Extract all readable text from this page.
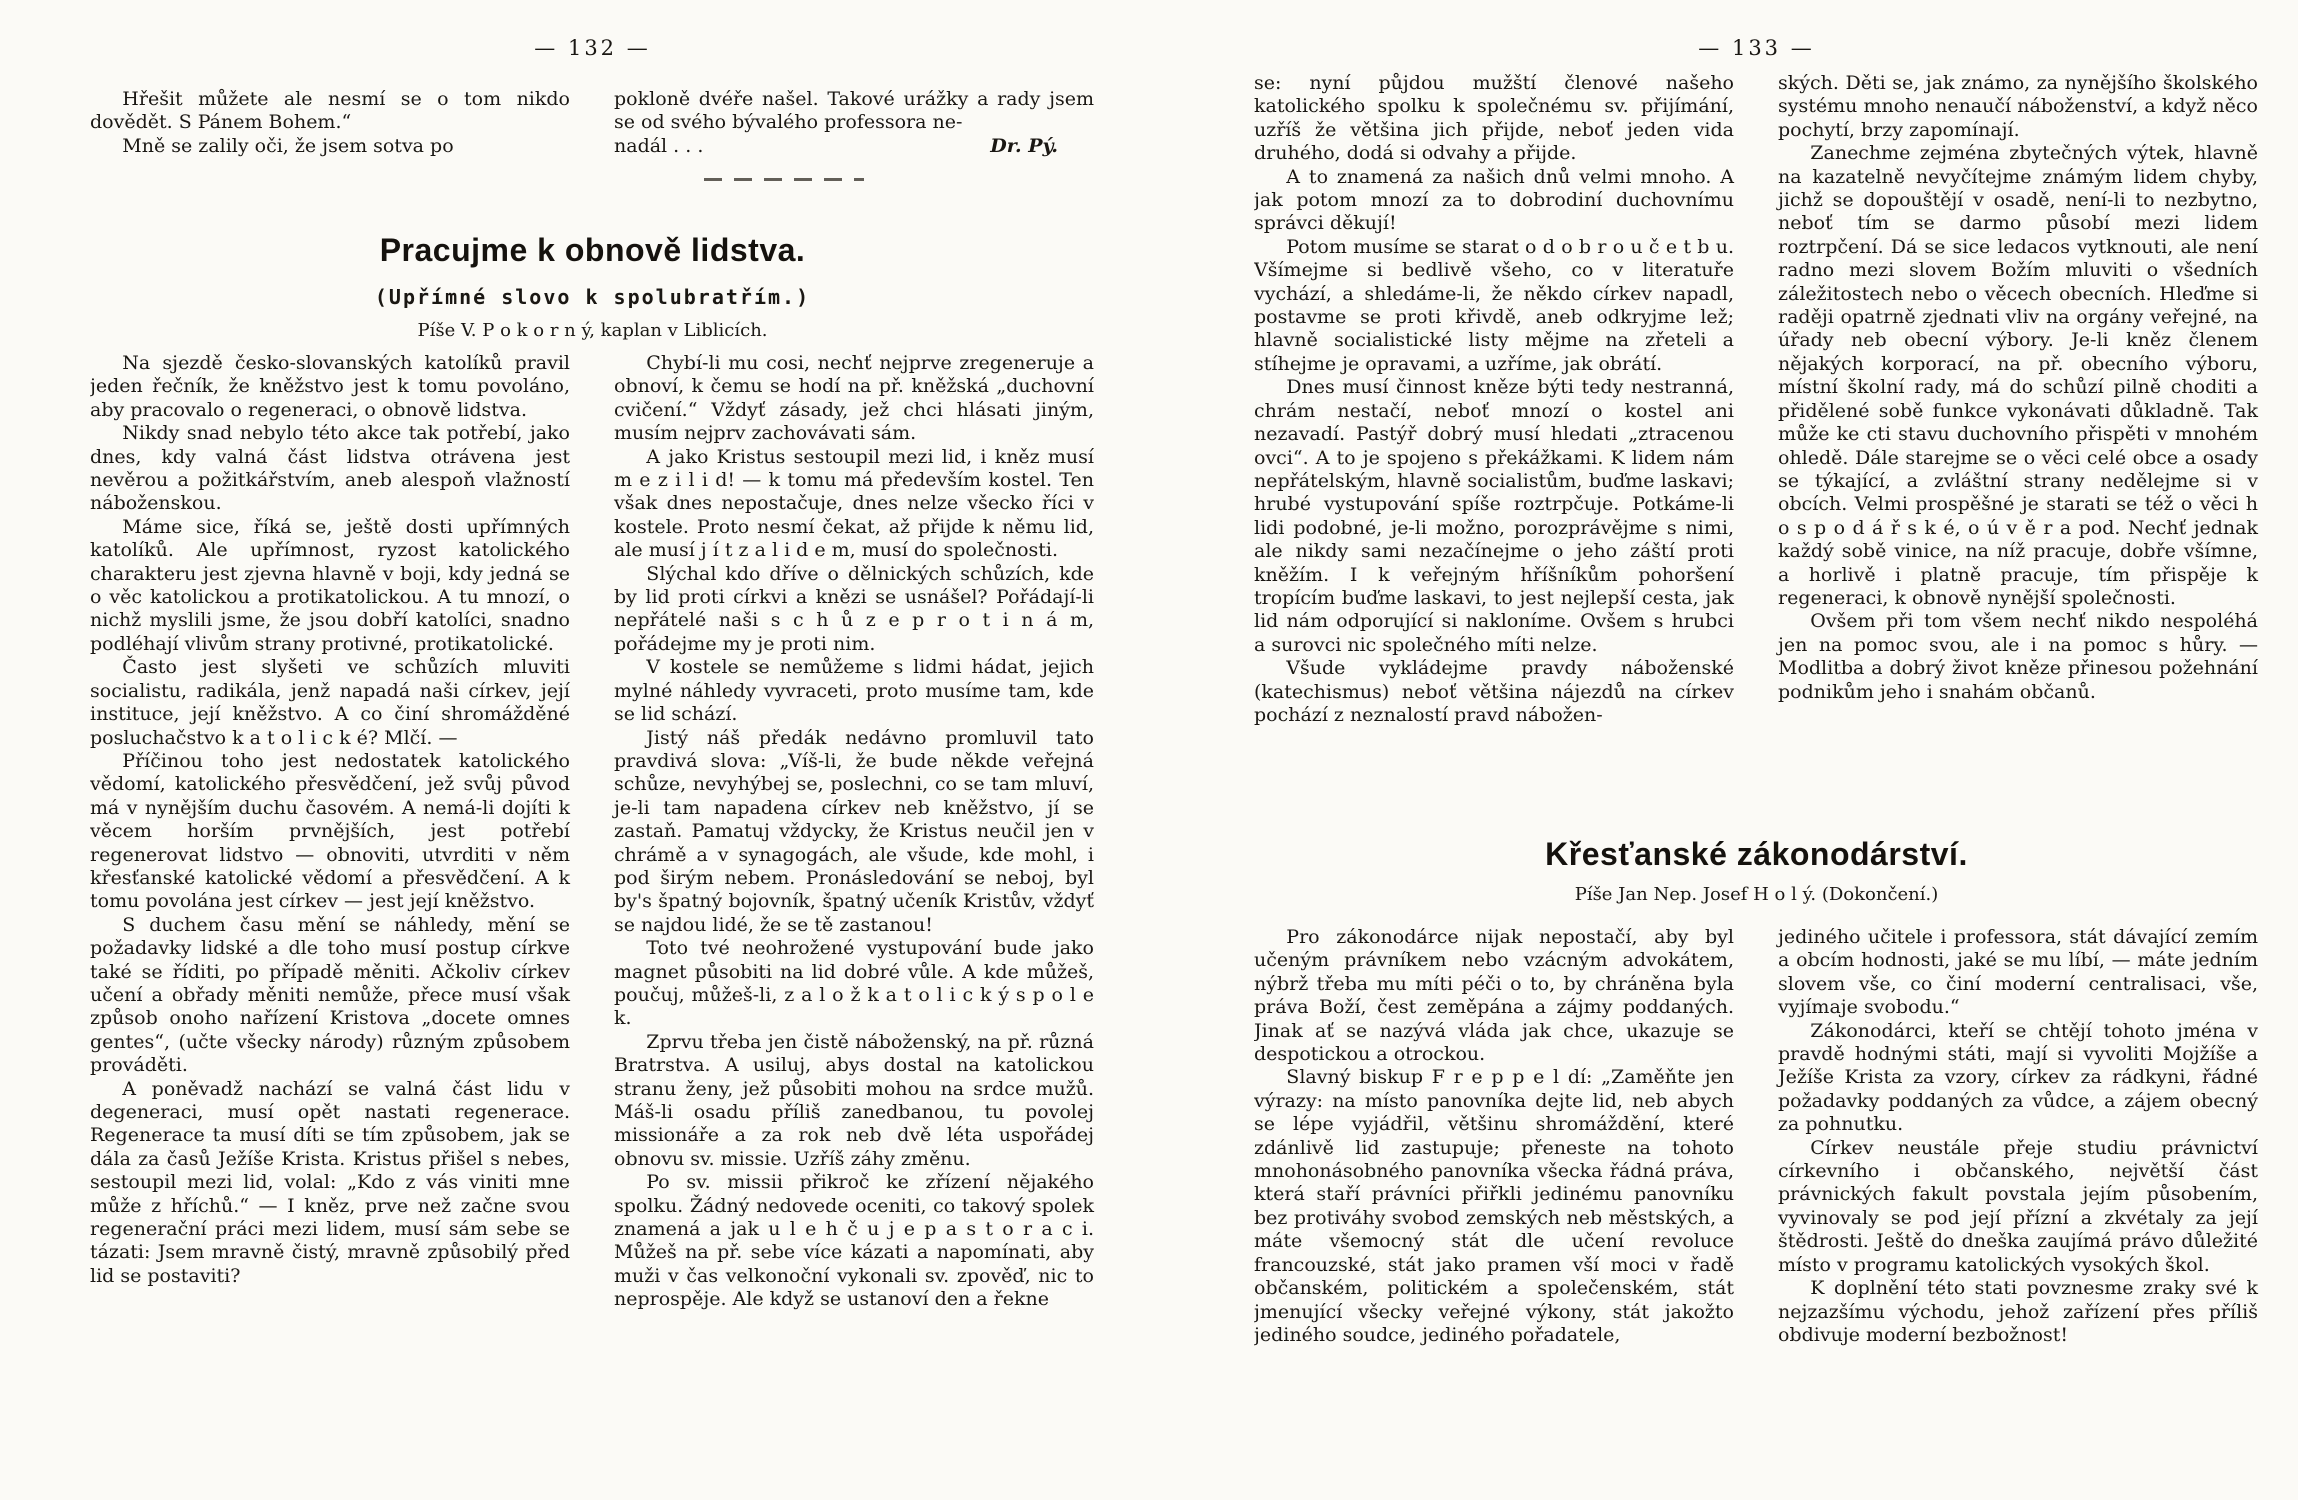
— 132 —

Hřešit můžete ale nesmí se o tom nikdo dovědět. S Pánem Bohem.“

Mně se zalily oči, že jsem sotva po

pokloně dvéře našel. Takové urážky a rady jsem se od svého bývalého professora ne-

nadál . . .	Dr. Pý.
Pracujme k obnově lidstva.

(Upřímné slovo k spolubratřím.)

Píše V. P o k o r n ý, kaplan v Liblicích.

Na sjezdě česko-slovanských katolíků pravil jeden řečník, že kněžstvo jest k tomu povoláno, aby pracovalo o regeneraci, o obnově lidstva.

Nikdy snad nebylo této akce tak potřebí, jako dnes, kdy valná část lidstva otrávena jest nevěrou a požitkářstvím, aneb alespoň vlažností náboženskou.

Máme sice, říká se, ještě dosti upřímných katolíků. Ale upřímnost, ryzost katolického charakteru jest zjevna hlavně v boji, kdy jedná se o věc katolickou a protikatolickou. A tu mnozí, o nichž myslili jsme, že jsou dobří katolíci, snadno podléhají vlivům strany protivné, protikatolické.

Často jest slyšeti ve schůzích mluviti socialistu, radikála, jenž napadá naši církev, její instituce, její kněžstvo. A co činí shromážděné posluchačstvo k a t o l i c k é? Mlčí. —

Příčinou toho jest nedostatek katolického vědomí, katolického přesvědčení, jež svůj původ má v nynějším duchu časovém. A nemá-li dojíti k věcem horším prvnějších, jest potřebí regenerovat lidstvo — obnoviti, utvrditi v něm křesťanské katolické vědomí a přesvědčení. A k tomu povolána jest církev — jest její kněžstvo.

S duchem času mění se náhledy, mění se požadavky lidské a dle toho musí postup církve také se říditi, po případě měniti. Ačkoliv církev učení a obřady měniti nemůže, přece musí však způsob onoho nařízení Kristova „docete omnes gentes“, (učte všecky národy) různým způsobem prováděti.

A poněvadž nachází se valná část lidu v degeneraci, musí opět nastati regenerace. Regenerace ta musí díti se tím způsobem, jak se dála za časů Ježíše Krista. Kristus přišel s nebes, sestoupil mezi lid, volal: „Kdo z vás viniti mne může z hříchů.“ — I kněz, prve než začne svou regenerační práci mezi lidem, musí sám sebe se tázati: Jsem mravně čistý, mravně způsobilý před lid se postaviti?

Chybí-li mu cosi, nechť nejprve zregeneruje a obnoví, k čemu se hodí na př. kněžská „duchovní cvičení.“ Vždyť zásady, jež chci hlásati jiným, musím nejprv zachovávati sám.

A jako Kristus sestoupil mezi lid, i kněz musí m e z i l i d! — k tomu má především kostel. Ten však dnes nepostačuje, dnes nelze všecko říci v kostele. Proto nesmí čekat, až přijde k němu lid, ale musí j í t z a l i d e m, musí do společnosti.

Slýchal kdo dříve o dělnických schůzích, kde by lid proti církvi a knězi se usnášel? Pořádají-li nepřátelé naši s c h ů z e p r o t i n á m, pořádejme my je proti nim.

V kostele se nemůžeme s lidmi hádat, jejich mylné náhledy vyvraceti, proto musíme tam, kde se lid schází.

Jistý náš předák nedávno promluvil tato pravdivá slova: „Víš-li, že bude někde veřejná schůze, nevyhýbej se, poslechni, co se tam mluví, je-li tam napadena církev neb kněžstvo, jí se zastaň. Pamatuj vždycky, že Kristus neučil jen v chrámě a v synagogách, ale všude, kde mohl, i pod širým nebem. Pronásledování se neboj, byl by's špatný bojovník, špatný učeník Kristův, vždyť se najdou lidé, že se tě zastanou!

Toto tvé neohrožené vystupování bude jako magnet působiti na lid dobré vůle. A kde můžeš, poučuj, můžeš-li, z a l o ž k a t o l i c k ý s p o l e k.

Zprvu třeba jen čistě náboženský, na př. různá Bratrstva. A usiluj, abys dostal na katolickou stranu ženy, jež působiti mohou na srdce mužů. Máš-li osadu příliš zanedbanou, tu povolej missionáře a za rok neb dvě léta uspořádej obnovu sv. missie. Uzříš záhy změnu.

Po sv. missii přikroč ke zřízení nějakého spolku. Žádný nedovede oceniti, co takový spolek znamená a jak u l e h č u j e p a s t o r a c i. Můžeš na př. sebe více kázati a napomínati, aby muži v čas velkonoční vykonali sv. zpověď, nic to neprospěje. Ale když se ustanoví den a řekne

— 133 —

se: nyní půjdou mužští členové našeho katolického spolku k společnému sv. přijímání, uzříš že většina jich přijde, neboť jeden vida druhého, dodá si odvahy a přijde.

A to znamená za našich dnů velmi mnoho. A jak potom mnozí za to dobrodiní duchovnímu správci děkují!

Potom musíme se starat o d o b r o u č e t b u. Všímejme si bedlivě všeho, co v literatuře vychází, a shledáme-li, že někdo církev napadl, postavme se proti křivdě, aneb odkryjme lež; hlavně socialistické listy mějme na zřeteli a stíhejme je opravami, a uzříme, jak obrátí.

Dnes musí činnost kněze býti tedy nestranná, chrám nestačí, neboť mnozí o kostel ani nezavadí. Pastýř dobrý musí hledati „ztracenou ovci“. A to je spojeno s překážkami. K lidem nám nepřátelským, hlavně socialistům, buďme laskavi; hrubé vystupování spíše roztrpčuje. Potkáme-li lidi podobné, je-li možno, porozprávějme s nimi, ale nikdy sami nezačínejme o jeho záští proti kněžím. I k veřejným hříšníkům pohoršení tropícím buďme laskavi, to jest nejlepší cesta, jak lid nám odporující si nakloníme. Ovšem s hrubci a surovci nic společného míti nelze.

Všude vykládejme pravdy náboženské (katechismus) neboť většina nájezdů na církev pochází z neznalostí pravd nábožen-

ských. Děti se, jak známo, za nynějšího školského systému mnoho nenaučí náboženství, a když něco pochytí, brzy zapomínají.

Zanechme zejména zbytečných výtek, hlavně na kazatelně nevyčítejme známým lidem chyby, jichž se dopouštějí v osadě, není-li to nezbytno, neboť tím se darmo působí mezi lidem roztrpčení. Dá se sice ledacos vytknouti, ale není radno mezi slovem Božím mluviti o všedních záležitostech nebo o věcech obecních. Hleďme si raději opatrně zjednati vliv na orgány veřejné, na úřady neb obecní výbory. Je-li kněz členem nějakých korporací, na př. obecního výboru, místní školní rady, má do schůzí pilně choditi a přidělené sobě funkce vykonávati důkladně. Tak může ke cti stavu duchovního přispěti v mnohém ohledě. Dále starejme se o věci celé obce a osady se týkající, a zvláštní strany nedělejme si v obcích. Velmi prospěšné je starati se též o věci h o s p o d á ř s k é, o ú v ě r a pod. Nechť jednak každý sobě vinice, na níž pracuje, dobře všímne, a horlivě i platně pracuje, tím přispěje k regeneraci, k obnově nynější společnosti.

Ovšem při tom všem nechť nikdo nespoléhá jen na pomoc svou, ale i na pomoc s hůry. — Modlitba a dobrý život kněze přinesou požehnání podnikům jeho i snahám občanů.

Křesťanské zákonodárství.

Píše Jan Nep. Josef H o l ý. (Dokončení.)

Pro zákonodárce nijak nepostačí, aby byl učeným právníkem nebo vzácným advokátem, nýbrž třeba mu míti péči o to, by chráněna byla práva Boží, čest zeměpána a zájmy poddaných. Jinak ať se nazývá vláda jak chce, ukazuje se despotickou a otrockou.

Slavný biskup F r e p p e l dí: „Zaměňte jen výrazy: na místo panovníka dejte lid, neb abych se lépe vyjádřil, většinu shromáždění, které zdánlivě lid zastupuje; přeneste na tohoto mnohonásobného panovníka všecka řádná práva, která staří právníci přiřkli jedinému panovníku bez protiváhy svobod zemských neb městských, a máte všemocný stát dle učení revoluce francouzské, stát jako pramen vší moci v řadě občanském, politickém a společenském, stát jmenující všecky veřejné výkony, stát jakožto jediného soudce, jediného pořadatele,

jediného učitele i professora, stát dávající zemím a obcím hodnosti, jaké se mu líbí, — máte jedním slovem vše, co činí moderní centralisaci, vše, vyjímaje svobodu.“

Zákonodárci, kteří se chtějí tohoto jména v pravdě hodnými státi, mají si vyvoliti Mojžíše a Ježíše Krista za vzory, církev za rádkyni, řádné požadavky poddaných za vůdce, a zájem obecný za pohnutku.

Církev neustále přeje studiu právnictví církevního i občanského, největší část právnických fakult povstala jejím působením, vyvinovaly se pod její přízní a zkvétaly za její štědrosti. Ještě do dneška zaujímá právo důležité místo v programu katolických vysokých škol.

K doplnění této stati povznesme zraky své k nejzazšímu východu, jehož zařízení přes příliš obdivuje moderní bezbožnost!
